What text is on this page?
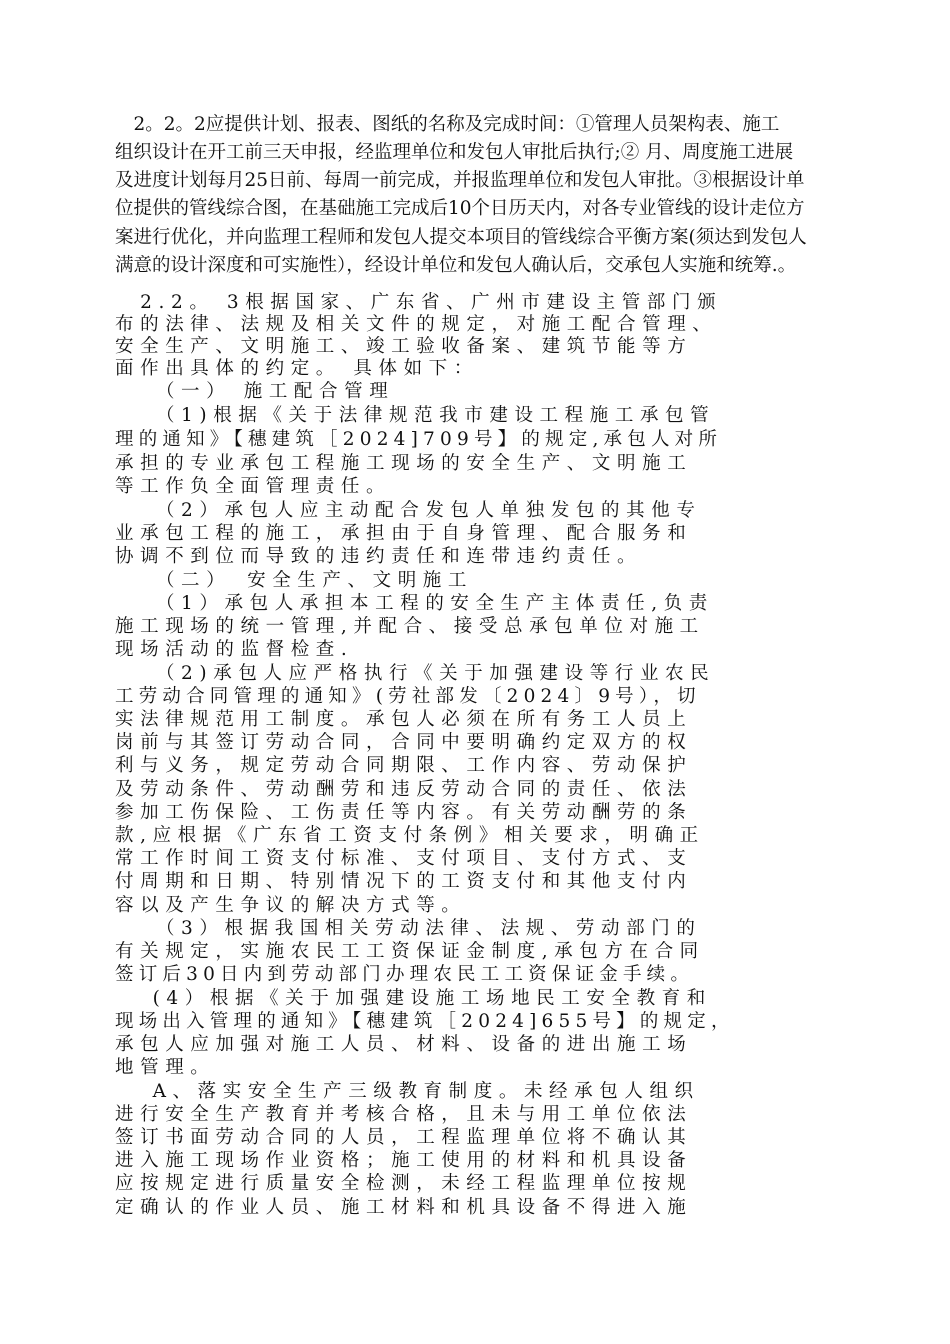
　2。2。2应提供计划、报表、图纸的名称及完成时间：①管理人员架构表、施工
组织设计在开工前三天申报，经监理单位和发包人审批后执行;② 月、周度施工进展
及进度计划每月25日前、每周一前完成，并报监理单位和发包人审批。③根据设计单
位提供的管线综合图，在基础施工完成后10个日历天内，对各专业管线的设计走位方
案进行优化，并向监理工程师和发包人提交本项目的管线综合平衡方案(须达到发包人
满意的设计深度和可实施性），经设计单位和发包人确认后，交承包人实施和统筹.。
　2.2。 3根据国家、广东省、广州市建设主管部门颁
布的法律、法规及相关文件的规定，对施工配合管理、
安全生产、文明施工、竣工验收备案、建筑节能等方
面作出具体的约定。 具体如下：
　　（一） 施工配合管理
　　（1)根据《关于法律规范我市建设工程施工承包管
理的通知》【穗建筑［2024]709号】的规定,承包人对所
承担的专业承包工程施工现场的安全生产、文明施工
等工作负全面管理责任。
　　（2）承包人应主动配合发包人单独发包的其他专
业承包工程的施工，承担由于自身管理、配合服务和
协调不到位而导致的违约责任和连带违约责任。
　　（二）　安全生产、文明施工
　　（1）承包人承担本工程的安全生产主体责任,负责
施工现场的统一管理,并配合、接受总承包单位对施工
现场活动的监督检查.
　　（2)承包人应严格执行《关于加强建设等行业农民
工劳动合同管理的通知》(劳社部发〔2024〕9号），切
实法律规范用工制度。承包人必须在所有务工人员上
岗前与其签订劳动合同，合同中要明确约定双方的权
利与义务，规定劳动合同期限、工作内容、劳动保护
及劳动条件、劳动酬劳和违反劳动合同的责任、依法
参加工伤保险、工伤责任等内容。有关劳动酬劳的条
款,应根据《广东省工资支付条例》相关要求，明确正
常工作时间工资支付标准、支付项目、支付方式、支
付周期和日期、特别情况下的工资支付和其他支付内
容以及产生争议的解决方式等。
　　（3）根据我国相关劳动法律、法规、劳动部门的
有关规定，实施农民工工资保证金制度,承包方在合同
签订后30日内到劳动部门办理农民工工资保证金手续。
　 (4）根据《关于加强建设施工场地民工安全教育和
现场出入管理的通知》【穗建筑［2024]655号】的规定，
承包人应加强对施工人员、材料、设备的进出施工场
地管理。
　 A、落实安全生产三级教育制度。未经承包人组织
进行安全生产教育并考核合格，且未与用工单位依法
签订书面劳动合同的人员，工程监理单位将不确认其
进入施工现场作业资格；施工使用的材料和机具设备
应按规定进行质量安全检测，未经工程监理单位按规
定确认的作业人员、施工材料和机具设备不得进入施
